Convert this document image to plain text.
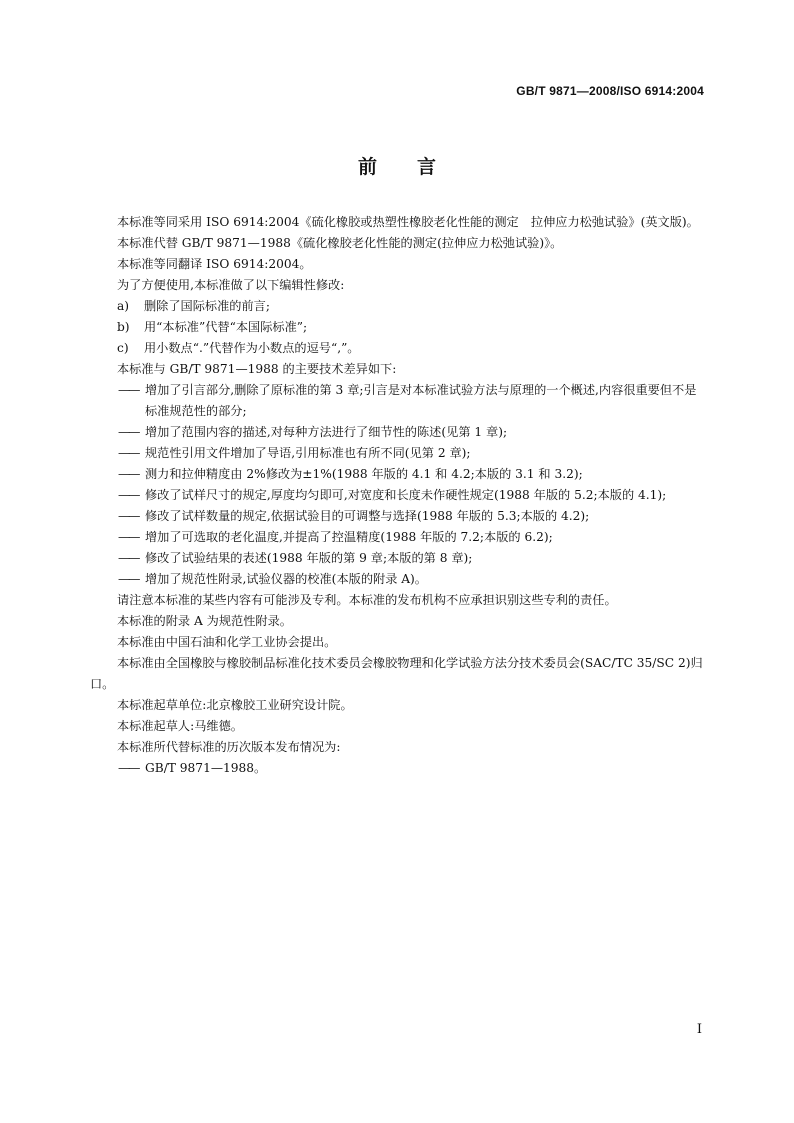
GB/T 9871—2008/ISO 6914:2004
前 言

本标准等同采用 ISO 6914:2004《硫化橡胶或热塑性橡胶老化性能的测定　拉伸应力松弛试验》(英文版)。

本标准代替 GB/T 9871—1988《硫化橡胶老化性能的测定(拉伸应力松弛试验)》。

本标准等同翻译 ISO 6914:2004。

为了方便使用,本标准做了以下编辑性修改:

a) 删除了国际标准的前言;

b) 用“本标准”代替“本国际标准”;

c) 用小数点“.”代替作为小数点的逗号“,”。

本标准与 GB/T 9871—1988 的主要技术差异如下:

—— 增加了引言部分,删除了原标准的第 3 章;引言是对本标准试验方法与原理的一个概述,内容很重要但不是标准规范性的部分;

—— 增加了范围内容的描述,对每种方法进行了细节性的陈述(见第 1 章);

—— 规范性引用文件增加了导语,引用标准也有所不同(见第 2 章);

—— 测力和拉伸精度由 2%修改为±1%(1988 年版的 4.1 和 4.2;本版的 3.1 和 3.2);

—— 修改了试样尺寸的规定,厚度均匀即可,对宽度和长度未作硬性规定(1988 年版的 5.2;本版的 4.1);

—— 修改了试样数量的规定,依据试验目的可调整与选择(1988 年版的 5.3;本版的 4.2);

—— 增加了可选取的老化温度,并提高了控温精度(1988 年版的 7.2;本版的 6.2);

—— 修改了试验结果的表述(1988 年版的第 9 章;本版的第 8 章);

—— 增加了规范性附录,试验仪器的校准(本版的附录 A)。

请注意本标准的某些内容有可能涉及专利。本标准的发布机构不应承担识别这些专利的责任。

本标准的附录 A 为规范性附录。

本标准由中国石油和化学工业协会提出。

本标准由全国橡胶与橡胶制品标准化技术委员会橡胶物理和化学试验方法分技术委员会(SAC/TC 35/SC 2)归口。

本标准起草单位:北京橡胶工业研究设计院。

本标准起草人:马维德。

本标准所代替标准的历次版本发布情况为:

—— GB/T 9871—1988。

I
